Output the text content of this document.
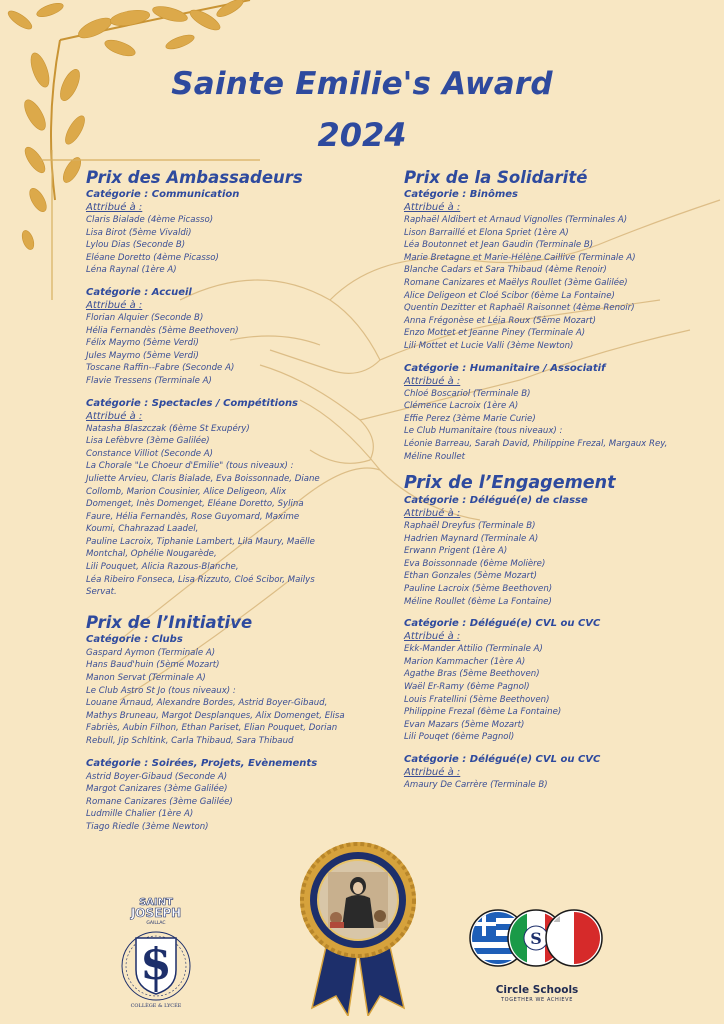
Sainte Emilie's Award
2024
Prix des Ambassadeurs
Catégorie : Communication
Attribué à :
Claris Bialade (4ème Picasso)
Lisa Birot (5ème Vivaldi)
Lylou Dias (Seconde B)
Eléane Doretto (4ème Picasso)
Léna Raynal (1ère A)
Catégorie : Accueil
Attribué à :
Florian Alquier (Seconde B)
Hélia Fernandès (5ème Beethoven)
Félix Maymo (5ème Verdi)
Jules Maymo (5ème Verdi)
Toscane Raffin--Fabre (Seconde A)
Flavie Tressens (Terminale A)
Catégorie : Spectacles / Compétitions
Attribué à :
Natasha Blaszczak (6ème St Exupéry)
Lisa Lefèbvre (3ème Galilée)
Constance Villiot (Seconde A)
La Chorale "Le Choeur d'Emilie" (tous niveaux) :
Juliette Arvieu, Claris Bialade, Eva Boissonnade, Diane
Collomb, Marion Cousinier, Alice Deligeon, Alix
Domenget, Inès Domenget, Eléane Doretto, Sylina
Faure, Hélia Fernandès, Rose Guyomard, Maxime
Koumi, Chahrazad Laadel,
Pauline Lacroix, Tiphanie Lambert, Lila Maury, Maëlle
Montchal, Ophélie Nougarède,
Lili Pouquet, Alicia Razous-Blanche,
Léa Ribeiro Fonseca, Lisa Rizzuto, Cloé Scibor, Mailys
Servat.
Prix de l’Initiative
Catégorie : Clubs
Gaspard Aymon (Terminale A)
Hans Baud'huin (5ème Mozart)
Manon Servat (Terminale A)
Le Club Astro St Jo (tous niveaux) :
Louane Arnaud, Alexandre Bordes, Astrid Boyer-Gibaud,
Mathys Bruneau, Margot Desplanques, Alix Domenget, Elisa
Fabriès, Aubin Filhon, Ethan Pariset, Elian Pouquet, Dorian
Rebull, Jip Schltink, Carla Thibaud, Sara Thibaud
Catégorie : Soirées, Projets, Evènements
Astrid Boyer-Gibaud (Seconde A)
Margot Canizares (3ème Galilée)
Romane Canizares (3ème Galilée)
Ludmille Chalier (1ère A)
Tiago Riedle (3ème Newton)
Prix de la Solidarité
Catégorie : Binômes
Attribué à :
Raphaël Aldibert et Arnaud Vignolles (Terminales A)
Lison Barraillé et Elona Spriet (1ère A)
Léa Boutonnet et Jean Gaudin (Terminale B)
Marie Bretagne et Marie-Hélène Caillive (Terminale A)
Blanche Cadars et Sara Thibaud (4ème Renoir)
Romane Canizares et Maëlys Roullet (3ème Galilée)
Alice Deligeon et Cloé Scibor (6ème La Fontaine)
Quentin Dezitter et Raphaël Raisonnet (4ème Renoir)
Anna Frégonèse et Léia Roux (5ème Mozart)
Enzo Mottet et Jeanne Piney (Terminale A)
Lili Mottet et Lucie Valli (3ème Newton)
Catégorie : Humanitaire / Associatif
Attribué à :
Chloé Boscariol (Terminale B)
Clémence Lacroix (1ère A)
Effie Perez (3ème Marie Curie)
Le Club Humanitaire (tous niveaux) :
Léonie Barreau, Sarah David, Philippine Frezal, Margaux Rey,
Méline Roullet
Prix de l’Engagement
Catégorie : Délégué(e) de classe
Attribué à :
Raphaël Dreyfus (Terminale B)
Hadrien Maynard (Terminale A)
Erwann Prigent (1ère A)
Eva Boissonnade (6ème Molière)
Ethan Gonzales (5ème Mozart)
Pauline Lacroix (5ème Beethoven)
Méline Roullet (6ème La Fontaine)
Catégorie : Délégué(e) CVL ou CVC
Attribué à :
Ekk-Mander Attilio (Terminale A)
Marion Kammacher (1ère A)
Agathe Bras (5ème Beethoven)
Waël Er-Ramy (6ème Pagnol)
Louis Fratellini (5ème Beethoven)
Philippine Frezal (6ème La Fontaine)
Evan Mazars (5ème Mozart)
Lili Pouqet (6ème Pagnol)
Catégorie : Délégué(e) CVL ou CVC
Attribué à :
Amaury De Carrère (Terminale B)
SAINT
JOSEPH
GAILLAC
S
COLLÈGE & LYCÉE
S
Circle Schools
TOGETHER WE ACHIEVE
